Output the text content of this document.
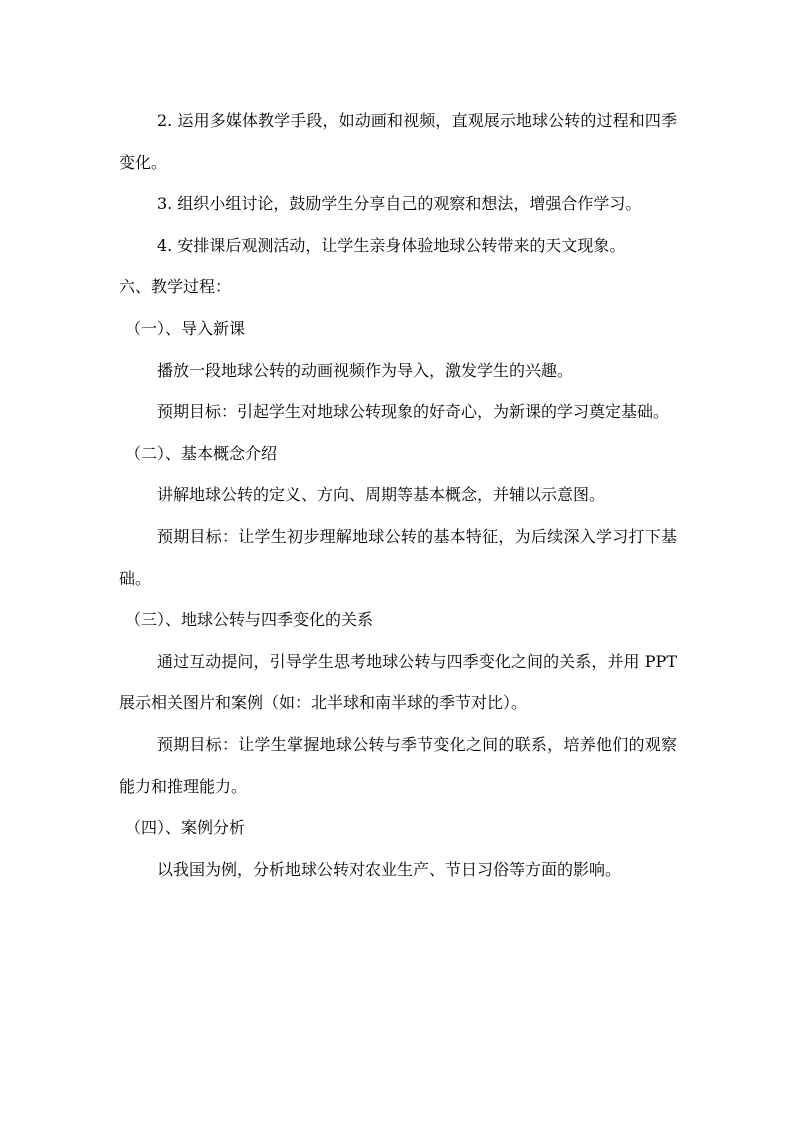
2. 运用多媒体教学手段，如动画和视频，直观展示地球公转的过程和四季变化。

3. 组织小组讨论，鼓励学生分享自己的观察和想法，增强合作学习。

4. 安排课后观测活动，让学生亲身体验地球公转带来的天文现象。

六、教学过程：

（一）、导入新课

播放一段地球公转的动画视频作为导入，激发学生的兴趣。

预期目标：引起学生对地球公转现象的好奇心，为新课的学习奠定基础。

（二）、基本概念介绍

讲解地球公转的定义、方向、周期等基本概念，并辅以示意图。

预期目标：让学生初步理解地球公转的基本特征，为后续深入学习打下基础。

（三）、地球公转与四季变化的关系

通过互动提问，引导学生思考地球公转与四季变化之间的关系，并用 PPT 展示相关图片和案例（如：北半球和南半球的季节对比）。

预期目标：让学生掌握地球公转与季节变化之间的联系，培养他们的观察能力和推理能力。

（四）、案例分析

以我国为例，分析地球公转对农业生产、节日习俗等方面的影响。
